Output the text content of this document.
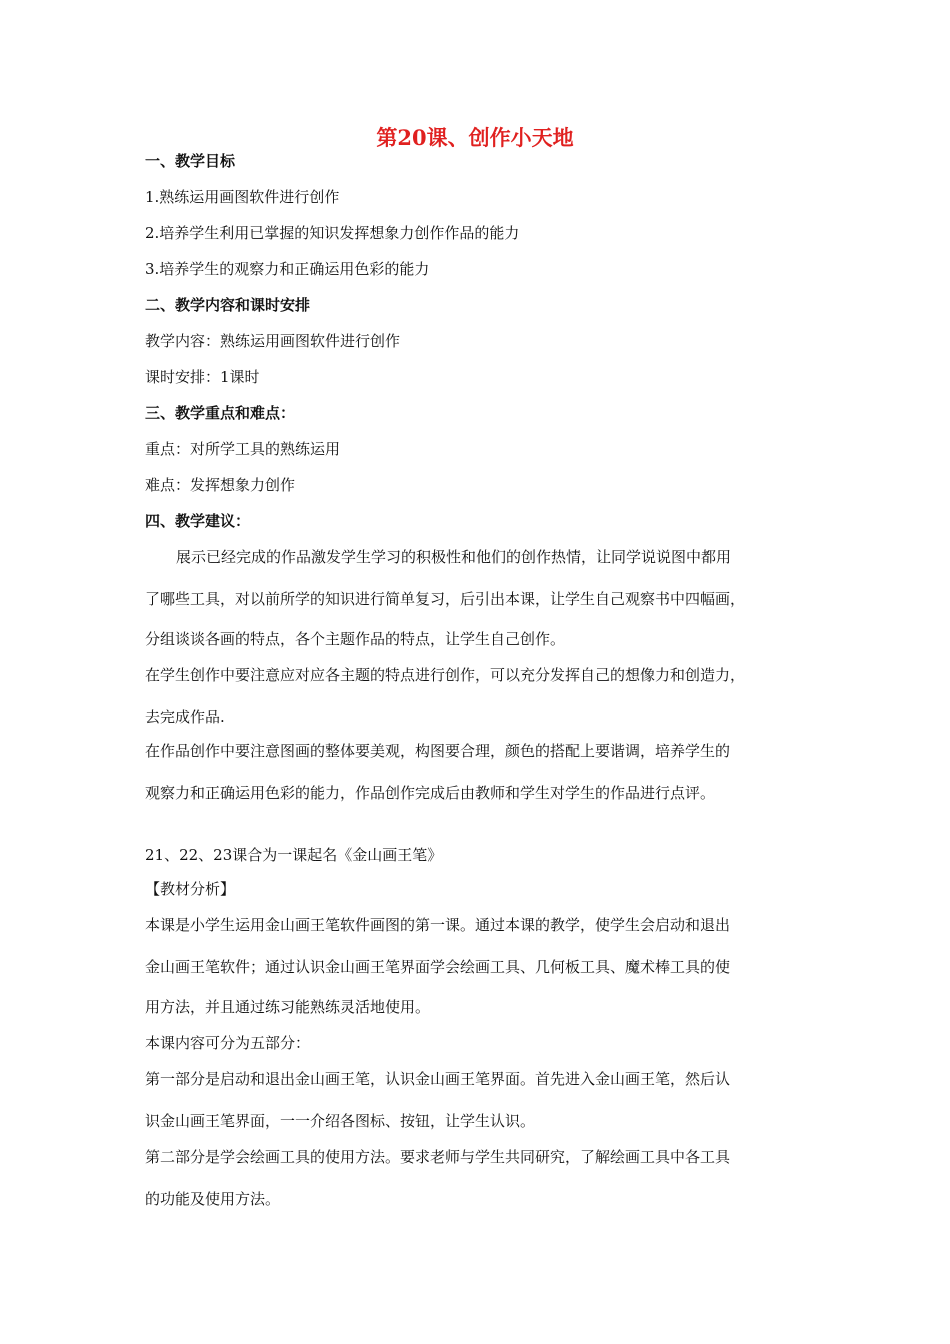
第20课、创作小天地
一、教学目标
1.熟练运用画图软件进行创作
2.培养学生利用已掌握的知识发挥想象力创作作品的能力
3.培养学生的观察力和正确运用色彩的能力
二、教学内容和课时安排
教学内容：熟练运用画图软件进行创作
课时安排：1课时
三、教学重点和难点：
重点：对所学工具的熟练运用
难点：发挥想象力创作
四、教学建议：
展示已经完成的作品激发学生学习的积极性和他们的创作热情，让同学说说图中都用
了哪些工具，对以前所学的知识进行简单复习，后引出本课，让学生自己观察书中四幅画，
分组谈谈各画的特点，各个主题作品的特点，让学生自己创作。
在学生创作中要注意应对应各主题的特点进行创作，可以充分发挥自己的想像力和创造力，
去完成作品.
在作品创作中要注意图画的整体要美观，构图要合理，颜色的搭配上要谐调，培养学生的
观察力和正确运用色彩的能力，作品创作完成后由教师和学生对学生的作品进行点评。
21、22、23课合为一课起名《金山画王笔》
【教材分析】
本课是小学生运用金山画王笔软件画图的第一课。通过本课的教学，使学生会启动和退出
金山画王笔软件；通过认识金山画王笔界面学会绘画工具、几何板工具、魔术棒工具的使
用方法，并且通过练习能熟练灵活地使用。
本课内容可分为五部分：
第一部分是启动和退出金山画王笔，认识金山画王笔界面。首先进入金山画王笔，然后认
识金山画王笔界面，一一介绍各图标、按钮，让学生认识。
第二部分是学会绘画工具的使用方法。要求老师与学生共同研究，了解绘画工具中各工具
的功能及使用方法。
